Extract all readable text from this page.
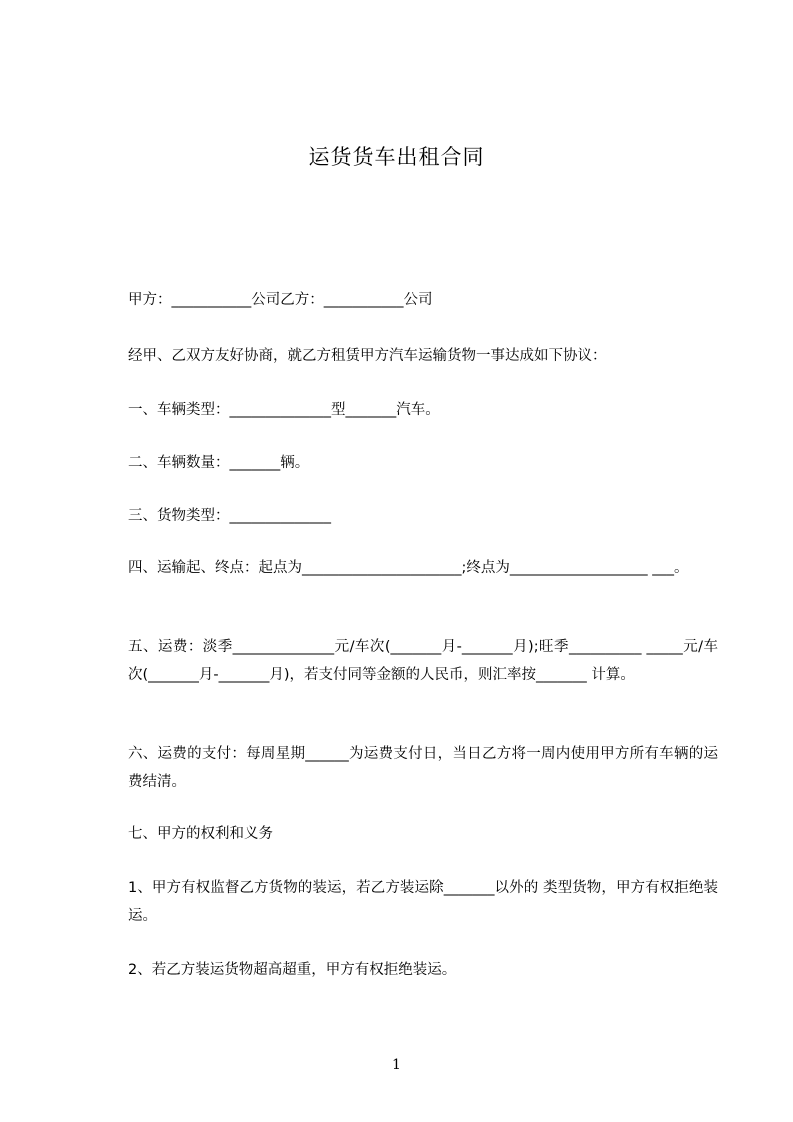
运货货车出租合同
甲方：___________公司乙方：___________公司
经甲、乙双方友好协商，就乙方租赁甲方汽车运输货物一事达成如下协议：
一、车辆类型：______________型_______汽车。
二、车辆数量：_______辆。
三、货物类型：______________
四、运输起、终点：起点为______________________;终点为___________________ ___。
五、运费：淡季______________元/车次(_______月-_______月);旺季__________ _____元/车次(_______月-_______月)，若支付同等金额的人民币，则汇率按_______ 计算。
六、运费的支付：每周星期______为运费支付日，当日乙方将一周内使用甲方所有车辆的运费结清。
七、甲方的权利和义务
1、甲方有权监督乙方货物的装运，若乙方装运除_______以外的 类型货物，甲方有权拒绝装运。
2、若乙方装运货物超高超重，甲方有权拒绝装运。
1
